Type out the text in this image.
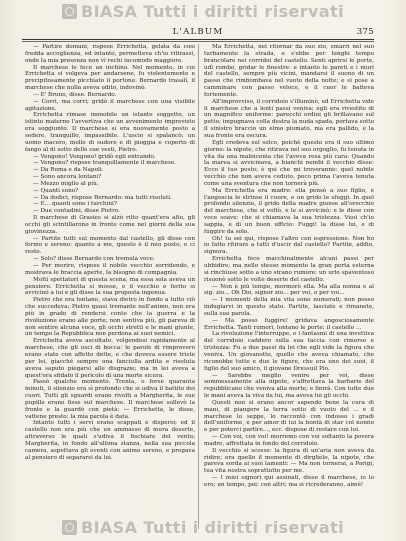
BIASA Tutti i diritti riservati
L'ALBUM	375

— Partire domani, rispose Errichetta, gelata da così fredda accoglienza, ed intanto, permetteva ch'io ritirassi, onde la mia presenza non vi rechi incomodo maggiore.

Il marchese le fece un inchino. Nel momento, in cui Errichetta si volgeva per andarsene, fu violentemente e precipitosamente picchiato il portone. Bernardo trasalì, il marchese che nulla aveva udito, indovinò.

— E' Bruno, disse. Bernardo.

— Corri, ma corri; gridò il marchese con una visibile agitazione.

Errichetta rimase immobile un istante soggetto, un istinto materno l'avvertiva che un avvenimento imprevisto era soggiunto. Il marchese si era nuovamente posto a sedere, tranquillo, impassibile. L'uscio si spalancò; un uomo macero, molle di sudore e di pioggia e coperto di fango al di sotto delle sue vesti, Pietro.

— Vengono! Vengono! gridò egli entrando.

— Vengono? rispose tranquillamente il marchese.

— Da Roma e da Napoli.

— Sono ancora lontani?

— Mezzo miglio al più.

— Quanti sono?

— Da dodici, rispose Bernardo: ma tutti risoluti.

— E... quanti sono i turchini?

— Due contadini, disse Pietro.

Il marchese di Grasies si alzò ritto quant'era alto, gli occhi gli scintillarono in fronte come nei giorni della sua giovinezza.

— Partite tutti sul momento dal castello, gli disse con fermo e sereno: quanto a me, questo è il mio posto, e ci resto.

— Solo? disse Bernardo con tremula voce.

— Per morire, rispose il nobile vecchio sorridendo, e mostrava le braccia aperte, la bisogno di compagnia.

Molti spettatori di questa scena, ma essa sola aveva un pensiero. Errichetta si mosse, e il vecchio e ferito si avvicinò a lui e gli disse la sua proposta ingenua.

Pietro che era lontano, stava dietro in fondo a tutto ciò che succedeva; Pietro quasi tremante nell'animo, non era più in grado di rendersi conto che la guerra e la rivoluzione erano alle porte; non sentiva più, gli pareva di non sentire alcuna voce, gli occhi stretti e le mani giunte, un tempo la Repubblica non perdona ai suoi nemici.

Errichetta aveva ascoltato, volgendosi rapidamente al marchese, che gli usci di bocca: le parole di rimprovero erano state con affetto dette, e che doveva essere triste per lei, giacché sempre una fanciulla ardita e risoluta aveva saputo piegarsi alle disgrazie; ma in lei aveva a quest'ora sfidato il pericolo di una morte sicura.

Passò qualche momento. Trenta, o forse quaranta minuti, il silenzio era sì profondo che si udiva il battito dei cuori. Tutti gli sguardi erano rivolti a Margherita, le sue pupille erano fisse sul marchese. Il marchese sollevò la fronte e la guardò con pietà: — Errichetta, le disse, vattene presto: la mia parola è data.

Intanto tutti i servi erano scappati e dispersi; ed il castello non era più che un ammasso di mura deserte, attraverso le quali s'udiva il fischiare del vento; Margherita, in fondo all'ultima stanza, nella sua piccola camera, aspettava gli eventi con animo sereno, e pregava al pensiero di separarsi da lui.

Ma Errichetta, nel ritornar da suo zio, smarrì nel suo turbamento la strada, e s'ebbe per lunghi tempo brancolare nei corridoi del castello. Senti aprirsi le porte, udì rombo, gridar le finestre: e intanto le pareti e i muri del castello, sempre più vicini, mandarsi il suono di un passo che rimbombava nel vuoto della notte; e si pose a camminare con passo veloce, e il cuor le batteva fortemente.

All'improvviso, il corridoio s'illuminò, ed Errichetta vide il marchese che a lenti passi veniva; egli era rivestito di un magnifico uniforme: parecchi ordini gli brillavano sul petto; impugnava colla destra la nuda spada, portava sotto il sinistro braccio un elmo piumato, ma era pallido, e la sua fronte era oscura.

Egli credeva sul solco, poichè questo era il suo ultimo giorno: la nipote, che ritirava nel suo orgoglio, fu tenuta in vita da una malinconia che l'aveva resa più cara: Quando la marea si avvicinava, a bianchi nembi il vecchio disse: Ecco il tuo posto; è qui che mi troveranno: quel nobile vecchio che non aveva ceduto, poco prima l'aveva tenuta come una sventura che non tornerà più.

Ma Errichetta era madre: ella pensò a suo figlio, e l'angoscia le strinse il cuore, e un grido le sfuggì. In quel profondo silenzio, il grido della madre giunse all'orecchio del marchese, che si voltò, e le si avvicinò; e le disse con voce soave: che si chiamava la sua tristezza. Vuoi ch'io sappia, e di un buon ufficio: Fuggi! la disse lui, e di fuggire da solo.

Oh! tu sei qui, rispose l'altro con espressione. Non ho io fatto ritirare a tutti d'uscir dal castello? Partite, addio, signora.

Errichetta fece macchinalmente alcuni passi per ubbidire; ma nello stesso momento la gran porta esterna si rinchiuse sotto a uno strano rumore: un urlo spaventoso risuonò sotto le volte deserte del castello.

— Non è più tempo, mormorò ella. Ma alla nonna e al sig. zio... Oh Dio, signor zio... per voi, o per voi...

— I momenti della mia vita sono numerati; non posso indugiarvi in questo stato. Partite, lasciate e rimanete, sulla sua parola.

— Ma posso fuggire! gridava angosciosamente Errichetta. Tanti rumori, lontano le porte; il castello ...

La rivoluzione l'interruppe, e i fantasmi di una invettiva del corridoio caddero sulla sua faccia con rimorso e tristezza: Fu a due passi da lei che egli vide la figura che veniva. Un giovanotto, quello che aveva chiamato, che riconobbe tutte e due le figure, che era uno dei suoi, il figlio del suo amico, il giovane Dressuil Pio.

— Sarebbe meglio venire per voi, disse sommessamente alla nipote, s'affrettava la barbarie del repubblicano che veniva alla morte; e finirà. Con tutte due le mani aveva la viva da lui, ma aveva lui gli occhi.

Questi non si erano ancor sapendo bene la cura di mani, di piangere la terra sotto di vuoto del ... e il marchese lo seppe, lo raccontò con indosso i gradi dell'uniforme, e per amor di lui la bontà di star col nonno e per poterci partire..., ecc. dispose di restare con lui.

— Con voi, con voi! morremo con voi soltanto la povera madre, affrettata in fondo del corridoio.

Il vecchio si scosse: la figura di un'aria non aveva da ridire; era quello il momento di dirglielo, la nipote, che pareva sorda ai suoi lamenti: — Ma non tornerai, a Parigi, tua vita nostra soprattutto per me.

— I miei signori qui assinati, disse il marchese, io lo ero; un tempo, poi: con altri; ma si ricrederanno, aimè!

BIASA Tutti i diritti riservati
